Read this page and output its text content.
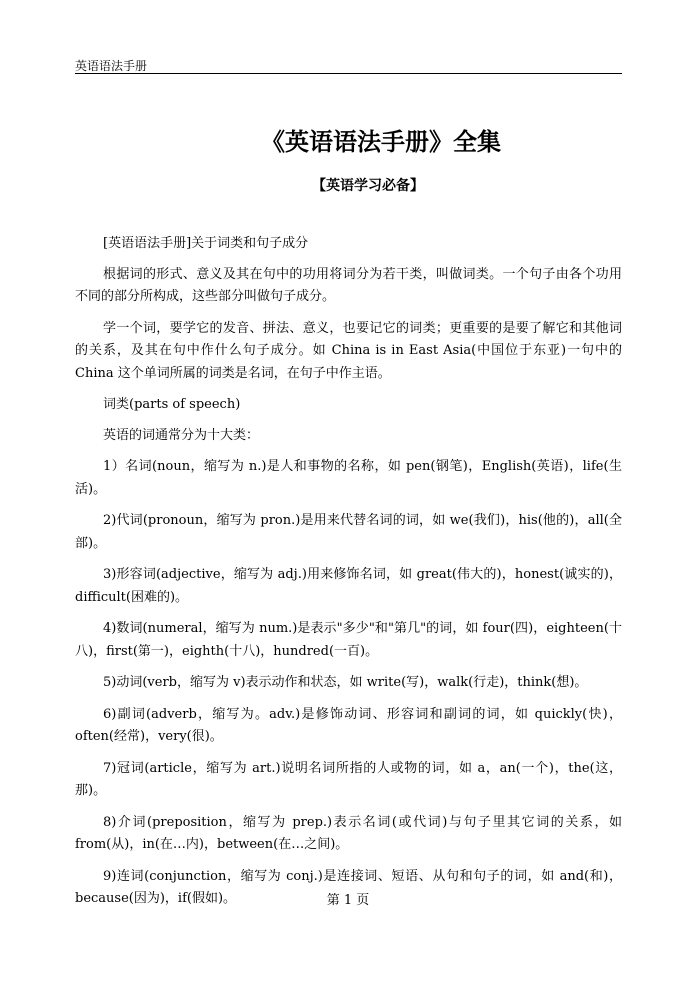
英语语法手册
《英语语法手册》全集
【英语学习必备】

[英语语法手册]关于词类和句子成分

根据词的形式、意义及其在句中的功用将词分为若干类，叫做词类。一个句子由各个功用不同的部分所构成，这些部分叫做句子成分。

学一个词，要学它的发音、拼法、意义，也要记它的词类；更重要的是要了解它和其他词的关系，及其在句中作什么句子成分。如 China is in East Asia(中国位于东亚)一句中的 China 这个单词所属的词类是名词，在句子中作主语。

词类(parts of speech)

英语的词通常分为十大类：

1）名词(noun，缩写为 n.)是人和事物的名称，如 pen(钢笔)，English(英语)，life(生活)。

2)代词(pronoun，缩写为 pron.)是用来代替名词的词，如 we(我们)，his(他的)，all(全部)。

3)形容词(adjective，缩写为 adj.)用来修饰名词，如 great(伟大的)，honest(诚实的)，difficult(困难的)。

4)数词(numeral，缩写为 num.)是表示"多少"和"第几"的词，如 four(四)，eighteen(十八)，first(第一)，eighth(十八)，hundred(一百)。

5)动词(verb，缩写为 v)表示动作和状态，如 write(写)，walk(行走)，think(想)。

6)副词(adverb，缩写为。adv.)是修饰动词、形容词和副词的词，如 quickly(快)，often(经常)，very(很)。

7)冠词(article，缩写为 art.)说明名词所指的人或物的词，如 a，an(一个)，the(这，那)。

8)介词(preposition，缩写为 prep.)表示名词(或代词)与句子里其它词的关系，如 from(从)，in(在…内)，between(在…之间)。

9)连词(conjunction，缩写为 conj.)是连接词、短语、从句和句子的词，如 and(和)，because(因为)，if(假如)。	第 1 页
